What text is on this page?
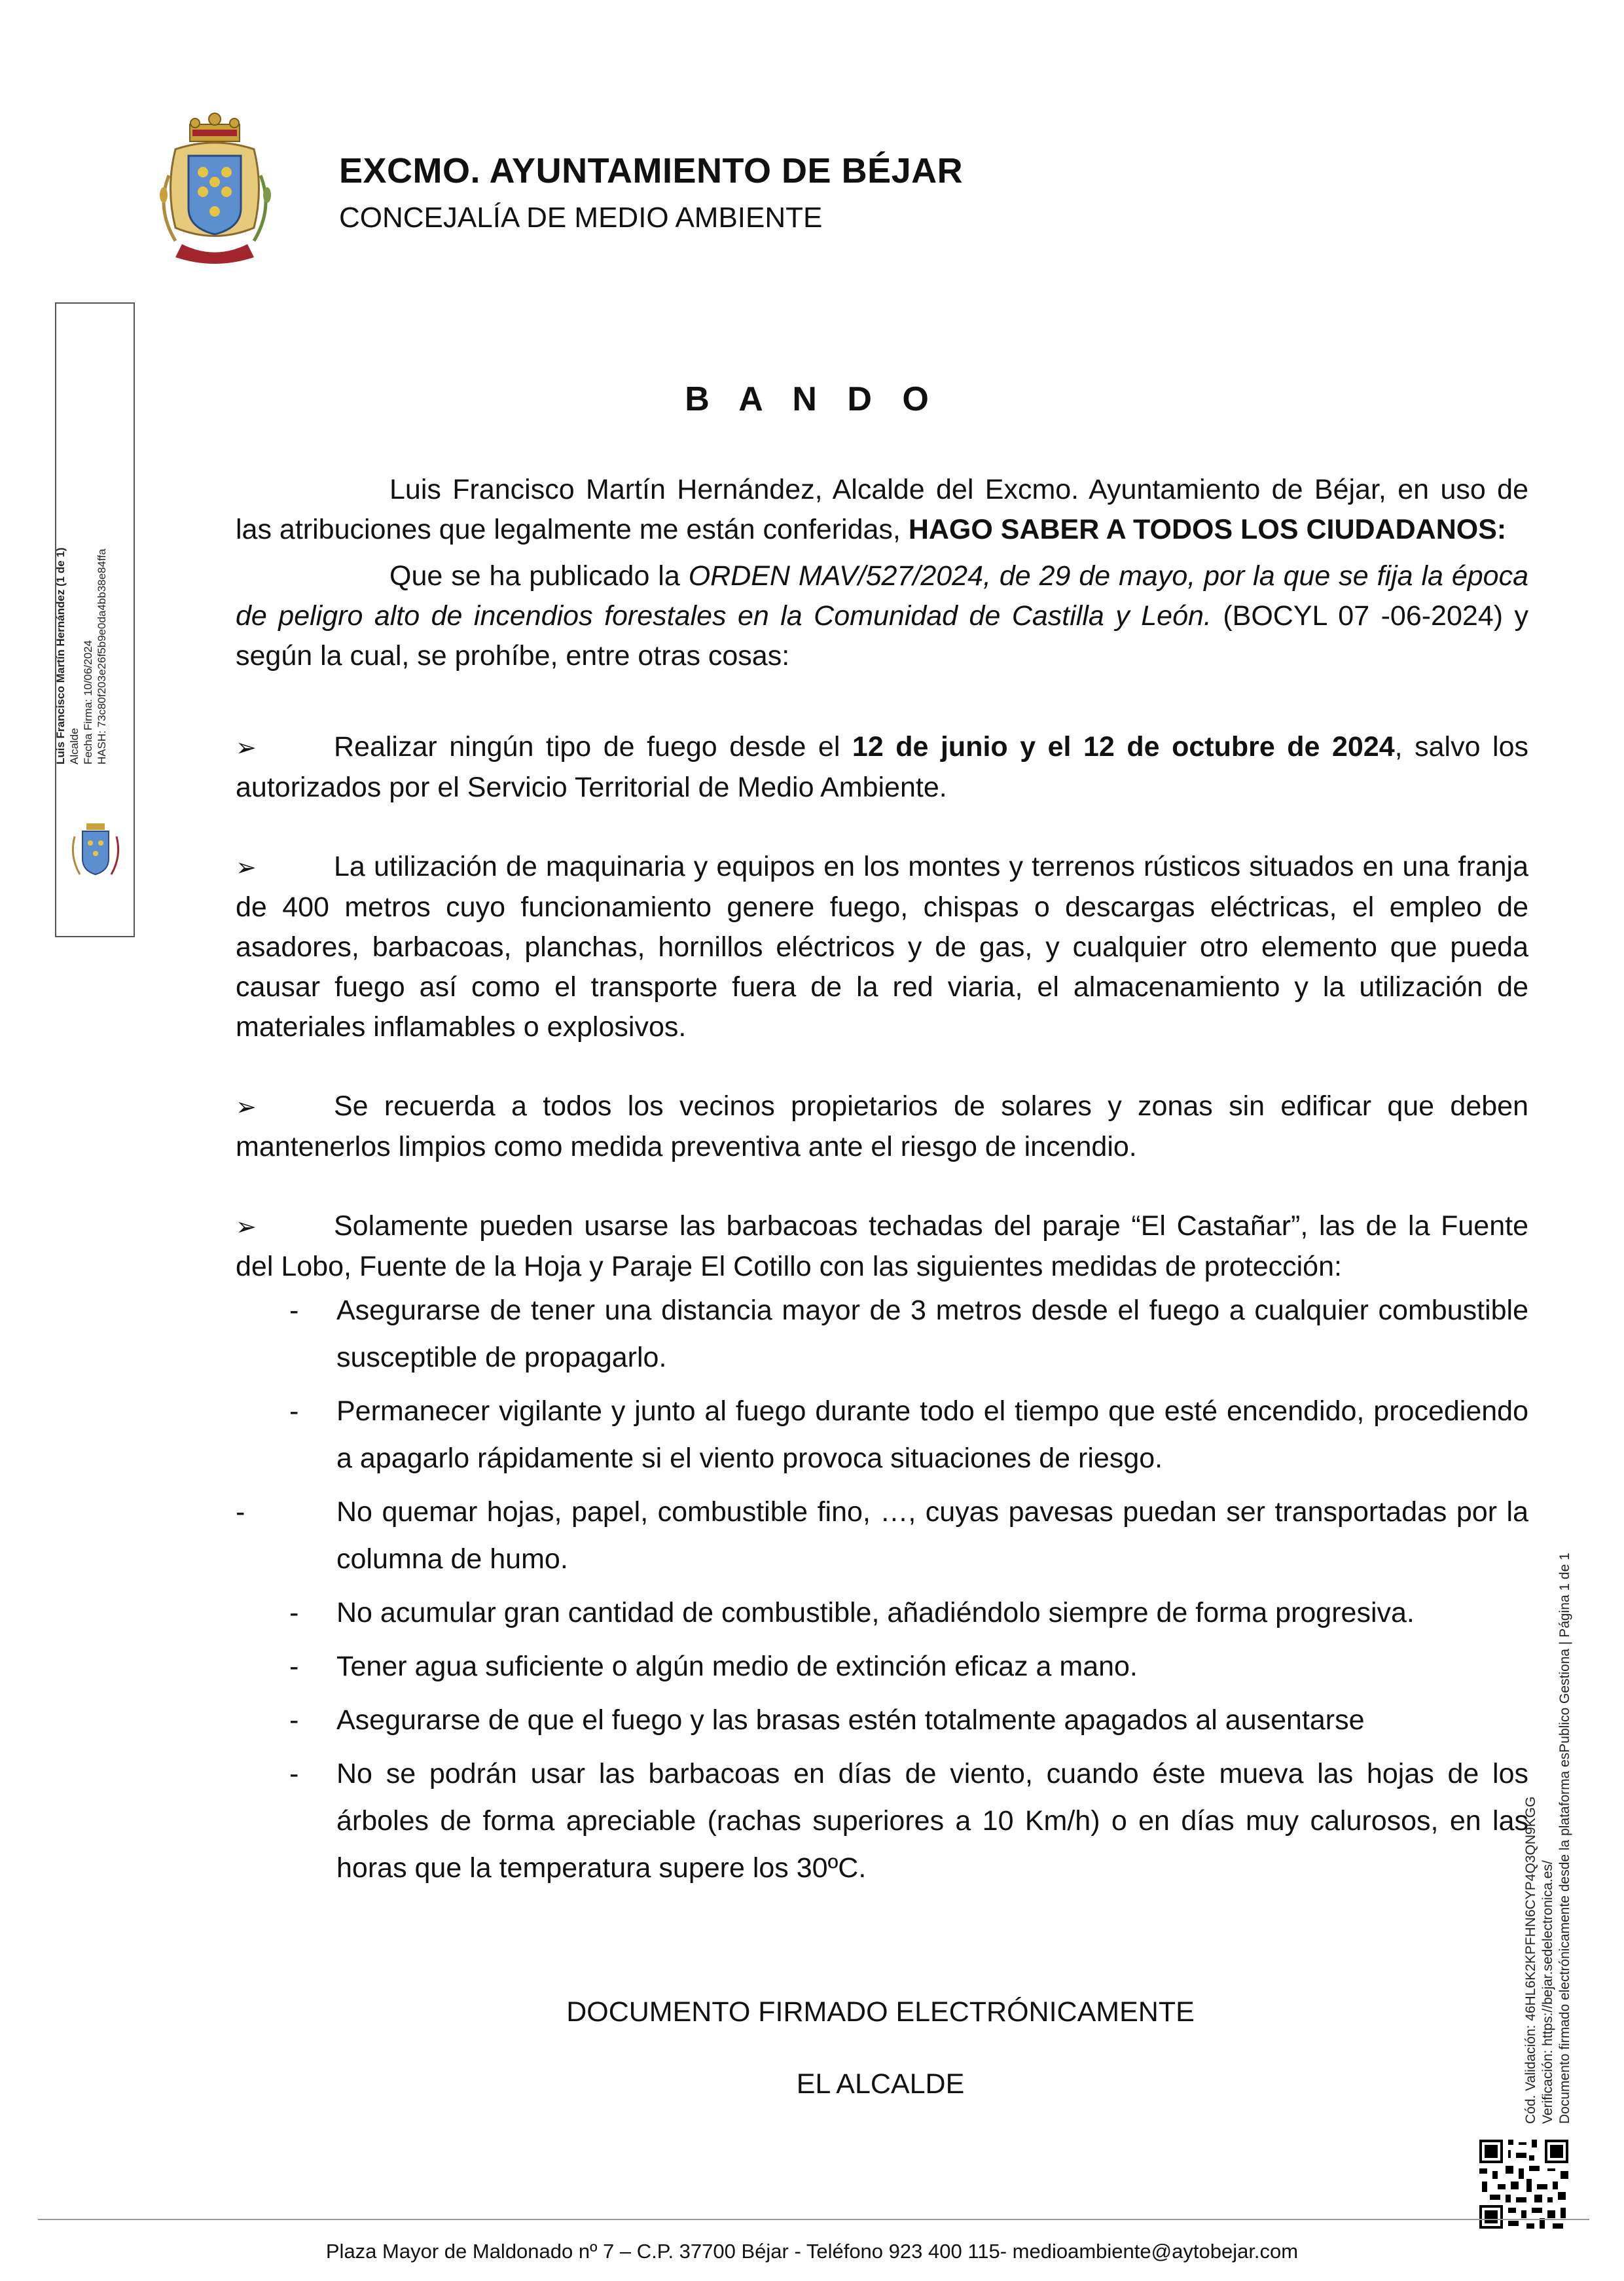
EXCMO. AYUNTAMIENTO DE BÉJAR
CONCEJALÍA DE MEDIO AMBIENTE
Luis Francisco Martín Hernández (1 de 1) Alcalde Fecha Firma: 10/06/2024 HASH: 73c80f203e26f5b9e0da4bb38e84ffa
B A N D O

Luis Francisco Martín Hernández, Alcalde del Excmo. Ayuntamiento de Béjar, en uso de las atribuciones que legalmente me están conferidas, HAGO SABER A TODOS LOS CIUDADANOS:

Que se ha publicado la ORDEN MAV/527/2024, de 29 de mayo, por la que se fija la época de peligro alto de incendios forestales en la Comunidad de Castilla y León. (BOCYL 07 -06-2024) y según la cual, se prohíbe, entre otras cosas:

➢	Realizar ningún tipo de fuego desde el 12 de junio y el 12 de octubre de 2024, salvo los autorizados por el Servicio Territorial de Medio Ambiente.

➢	La utilización de maquinaria y equipos en los montes y terrenos rústicos situados en una franja de 400 metros cuyo funcionamiento genere fuego, chispas o descargas eléctricas, el empleo de asadores, barbacoas, planchas, hornillos eléctricos y de gas, y cualquier otro elemento que pueda causar fuego así como el transporte fuera de la red viaria, el almacenamiento y la utilización de materiales inflamables o explosivos.

➢	Se recuerda a todos los vecinos propietarios de solares y zonas sin edificar que deben mantenerlos limpios como medida preventiva ante el riesgo de incendio.

➢	Solamente pueden usarse las barbacoas techadas del paraje “El Castañar”, las de la Fuente del Lobo, Fuente de la Hoja y Paraje El Cotillo con las siguientes medidas de protección:

- Asegurarse de tener una distancia mayor de 3 metros desde el fuego a cualquier combustible susceptible de propagarlo.
- Permanecer vigilante y junto al fuego durante todo el tiempo que esté encendido, procediendo a apagarlo rápidamente si el viento provoca situaciones de riesgo.
-	No quemar hojas, papel, combustible fino, …, cuyas pavesas puedan ser transportadas por la columna de humo.
- No acumular gran cantidad de combustible, añadiéndolo siempre de forma progresiva.
- Tener agua suficiente o algún medio de extinción eficaz a mano.
- Asegurarse de que el fuego y las brasas estén totalmente apagados al ausentarse
- No se podrán usar las barbacoas en días de viento, cuando éste mueva las hojas de los árboles de forma apreciable (rachas superiores a 10 Km/h) o en días muy calurosos, en las horas que la temperatura supere los 30ºC.
DOCUMENTO FIRMADO ELECTRÓNICAMENTE
EL ALCALDE	Cód. Validación: 46HL6K2KPFHN6CYP4Q3QN9KGG Verificación: https://bejar.sedelectronica.es/ Documento firmado electrónicamente desde la plataforma esPublico Gestiona | Página 1 de 1
Plaza Mayor de Maldonado nº 7 – C.P. 37700 Béjar - Teléfono 923 400 115- medioambiente@aytobejar.com
